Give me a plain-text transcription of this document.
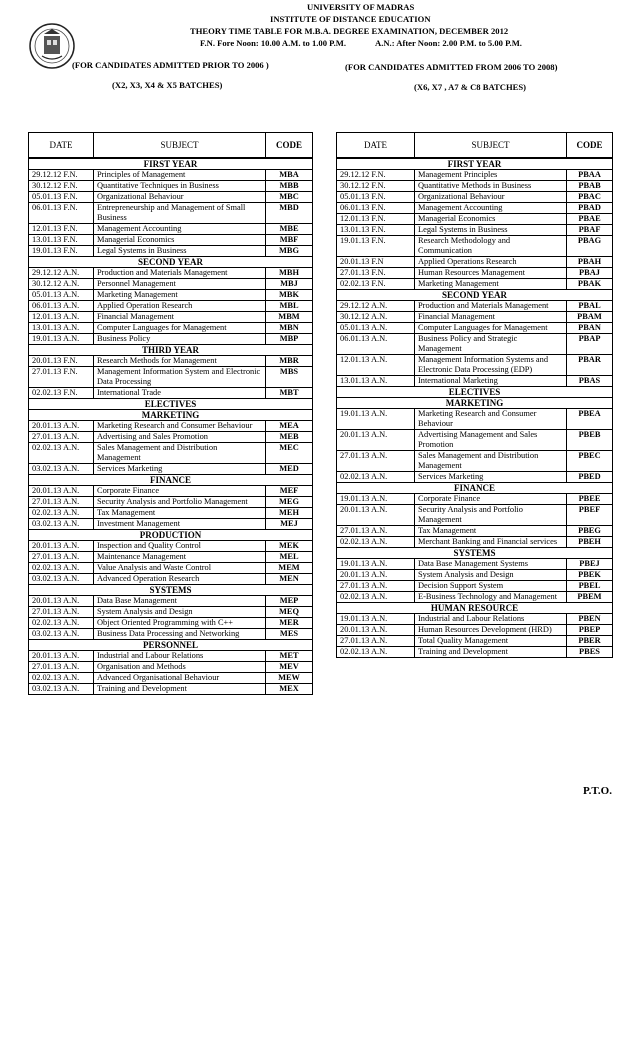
UNIVERSITY OF MADRAS
INSTITUTE OF DISTANCE EDUCATION
THEORY TIME TABLE FOR M.B.A. DEGREE EXAMINATION, DECEMBER 2012
F.N. Fore Noon: 10.00 A.M. to 1.00 P.M.	A.N.: After Noon: 2.00 P.M. to 5.00 P.M.
(FOR CANDIDATES ADMITTED PRIOR TO 2006 )
(X2, X3, X4 & X5 BATCHES)
(FOR CANDIDATES ADMITTED FROM 2006 TO 2008)
(X6, X7 , A7 & C8 BATCHES)
DATE	SUBJECT	CODE
FIRST YEAR		
29.12.12 F.N.	Principles of Management	MBA
30.12.12 F.N.	Quantitative Techniques in Business	MBB
05.01.13 F.N.	Organizational Behaviour	MBC
06.01.13 F.N.	Entrepreneurship and Management of Small Business	MBD
12.01.13 F.N.	Management Accounting	MBE
13.01.13 F.N.	Managerial Economics	MBF
19.01.13 F.N.	Legal Systems in Business	MBG
SECOND YEAR		
29.12.12 A.N.	Production and Materials Management	MBH
30.12.12 A.N.	Personnel Management	MBJ
05.01.13 A.N.	Marketing Management	MBK
06.01.13 A.N.	Applied Operation Research	MBL
12.01.13 A.N.	Financial Management	MBM
13.01.13 A.N.	Computer Languages for Management	MBN
19.01.13 A.N.	Business Policy	MBP
THIRD YEAR		
20.01.13 F.N.	Research Methods for Management	MBR
27.01.13 F.N.	Management Information System and Electronic Data Processing	MBS
02.02.13 F.N.	International Trade	MBT
ELECTIVES		
MARKETING		
20.01.13 A.N.	Marketing Research and Consumer Behaviour	MEA
27.01.13 A.N.	Advertising and Sales Promotion	MEB
02.02.13 A.N.	Sales Management and Distribution Management	MEC
03.02.13 A.N.	Services Marketing	MED
FINANCE		
20.01.13 A.N.	Corporate Finance	MEF
27.01.13 A.N.	Security Analysis and Portfolio Management	MEG
02.02.13 A.N.	Tax Management	MEH
03.02.13 A.N.	Investment Management	MEJ
PRODUCTION		
20.01.13 A.N.	Inspection and Quality Control	MEK
27.01.13 A.N.	Maintenance Management	MEL
02.02.13 A.N.	Value Analysis and Waste Control	MEM
03.02.13 A.N.	Advanced Operation Research	MEN
SYSTEMS		
20.01.13 A.N.	Data Base Management	MEP
27.01.13 A.N.	System Analysis and Design	MEQ
02.02.13 A.N.	Object Oriented Programming with C++	MER
03.02.13 A.N.	Business Data Processing and Networking	MES
PERSONNEL		
20.01.13 A.N.	Industrial and Labour Relations	MET
27.01.13 A.N.	Organisation and Methods	MEV
02.02.13 A.N.	Advanced Organisational Behaviour	MEW
03.02.13 A.N.	Training and Development	MEX
DATE	SUBJECT	CODE
FIRST YEAR		
29.12.12 F.N.	Management Principles	PBAA
30.12.12 F.N.	Quantitative Methods in Business	PBAB
05.01.13 F.N.	Organizational Behaviour	PBAC
06.01.13 F.N.	Management Accounting	PBAD
12.01.13 F.N.	Managerial Economics	PBAE
13.01.13 F.N.	Legal Systems in Business	PBAF
19.01.13 F.N.	Research Methodology and Communication	PBAG
20.01.13 F.N	Applied Operations Research	PBAH
27.01.13 F.N.	Human Resources Management	PBAJ
02.02.13 F.N.	Marketing Management	PBAK
SECOND YEAR		
29.12.12 A.N.	Production and Materials Management	PBAL
30.12.12 A.N.	Financial Management	PBAM
05.01.13 A.N.	Computer Languages for Management	PBAN
06.01.13 A.N.	Business Policy and Strategic Management	PBAP
12.01.13 A.N.	Management Information Systems and Electronic Data Processing (EDP)	PBAR
13.01.13 A.N.	International Marketing	PBAS
ELECTIVES		
MARKETING		
19.01.13 A.N.	Marketing Research and Consumer Behaviour	PBEA
20.01.13 A.N.	Advertising Management and Sales Promotion	PBEB
27.01.13 A.N.	Sales Management and Distribution Management	PBEC
02.02.13 A.N.	Services Marketing	PBED
FINANCE		
19.01.13 A.N.	Corporate Finance	PBEE
20.01.13 A.N.	Security Analysis and Portfolio Management	PBEF
27.01.13 A.N.	Tax Management	PBEG
02.02.13 A.N.	Merchant Banking and Financial services	PBEH
SYSTEMS		
19.01.13 A.N.	Data Base Management Systems	PBEJ
20.01.13 A.N.	System Analysis and Design	PBEK
27.01.13 A.N.	Decision Support System	PBEL
02.02.13 A.N.	E-Business Technology and Management	PBEM
HUMAN RESOURCE		
19.01.13 A.N.	Industrial and Labour Relations	PBEN
20.01.13 A.N.	Human Resources Development (HRD)	PBEP
27.01.13 A.N.	Total Quality Management	PBER
02.02.13 A.N.	Training and Development	PBES
P.T.O.
